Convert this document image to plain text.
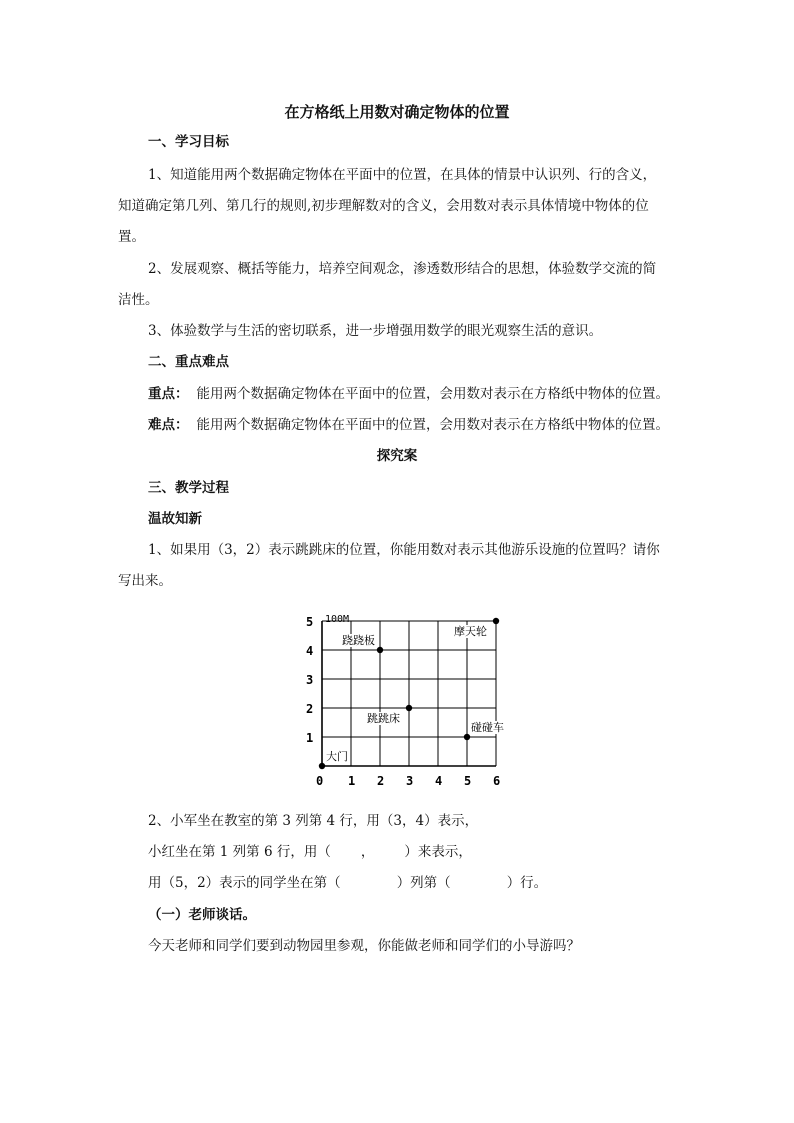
在方格纸上用数对确定物体的位置
一、学习目标
1、知道能用两个数据确定物体在平面中的位置，在具体的情景中认识列、行的含义，
知道确定第几列、第几行的规则,初步理解数对的含义，会用数对表示具体情境中物体的位
置。
2、发展观察、概括等能力，培养空间观念，渗透数形结合的思想，体验数学交流的简
洁性。
3、体验数学与生活的密切联系，进一步增强用数学的眼光观察生活的意识。
二、重点难点
重点： 能用两个数据确定物体在平面中的位置，会用数对表示在方格纸中物体的位置。
难点： 能用两个数据确定物体在平面中的位置，会用数对表示在方格纸中物体的位置。
探究案
三、教学过程
温故知新
1、如果用（3，2）表示跳跳床的位置，你能用数对表示其他游乐设施的位置吗？请你
写出来。
100M
0 1 2 3 4 5 6
1
2
3
4
5
大门
跷跷板
摩天轮
跳跳床
碰碰车
2、小军坐在教室的第 3 列第 4 行，用（3，4）表示，
小红坐在第 1 列第 6 行，用（ ， ）来表示，
用（5，2）表示的同学坐在第（	）列第（	）行。
（一）老师谈话。
今天老师和同学们要到动物园里参观，你能做老师和同学们的小导游吗？
